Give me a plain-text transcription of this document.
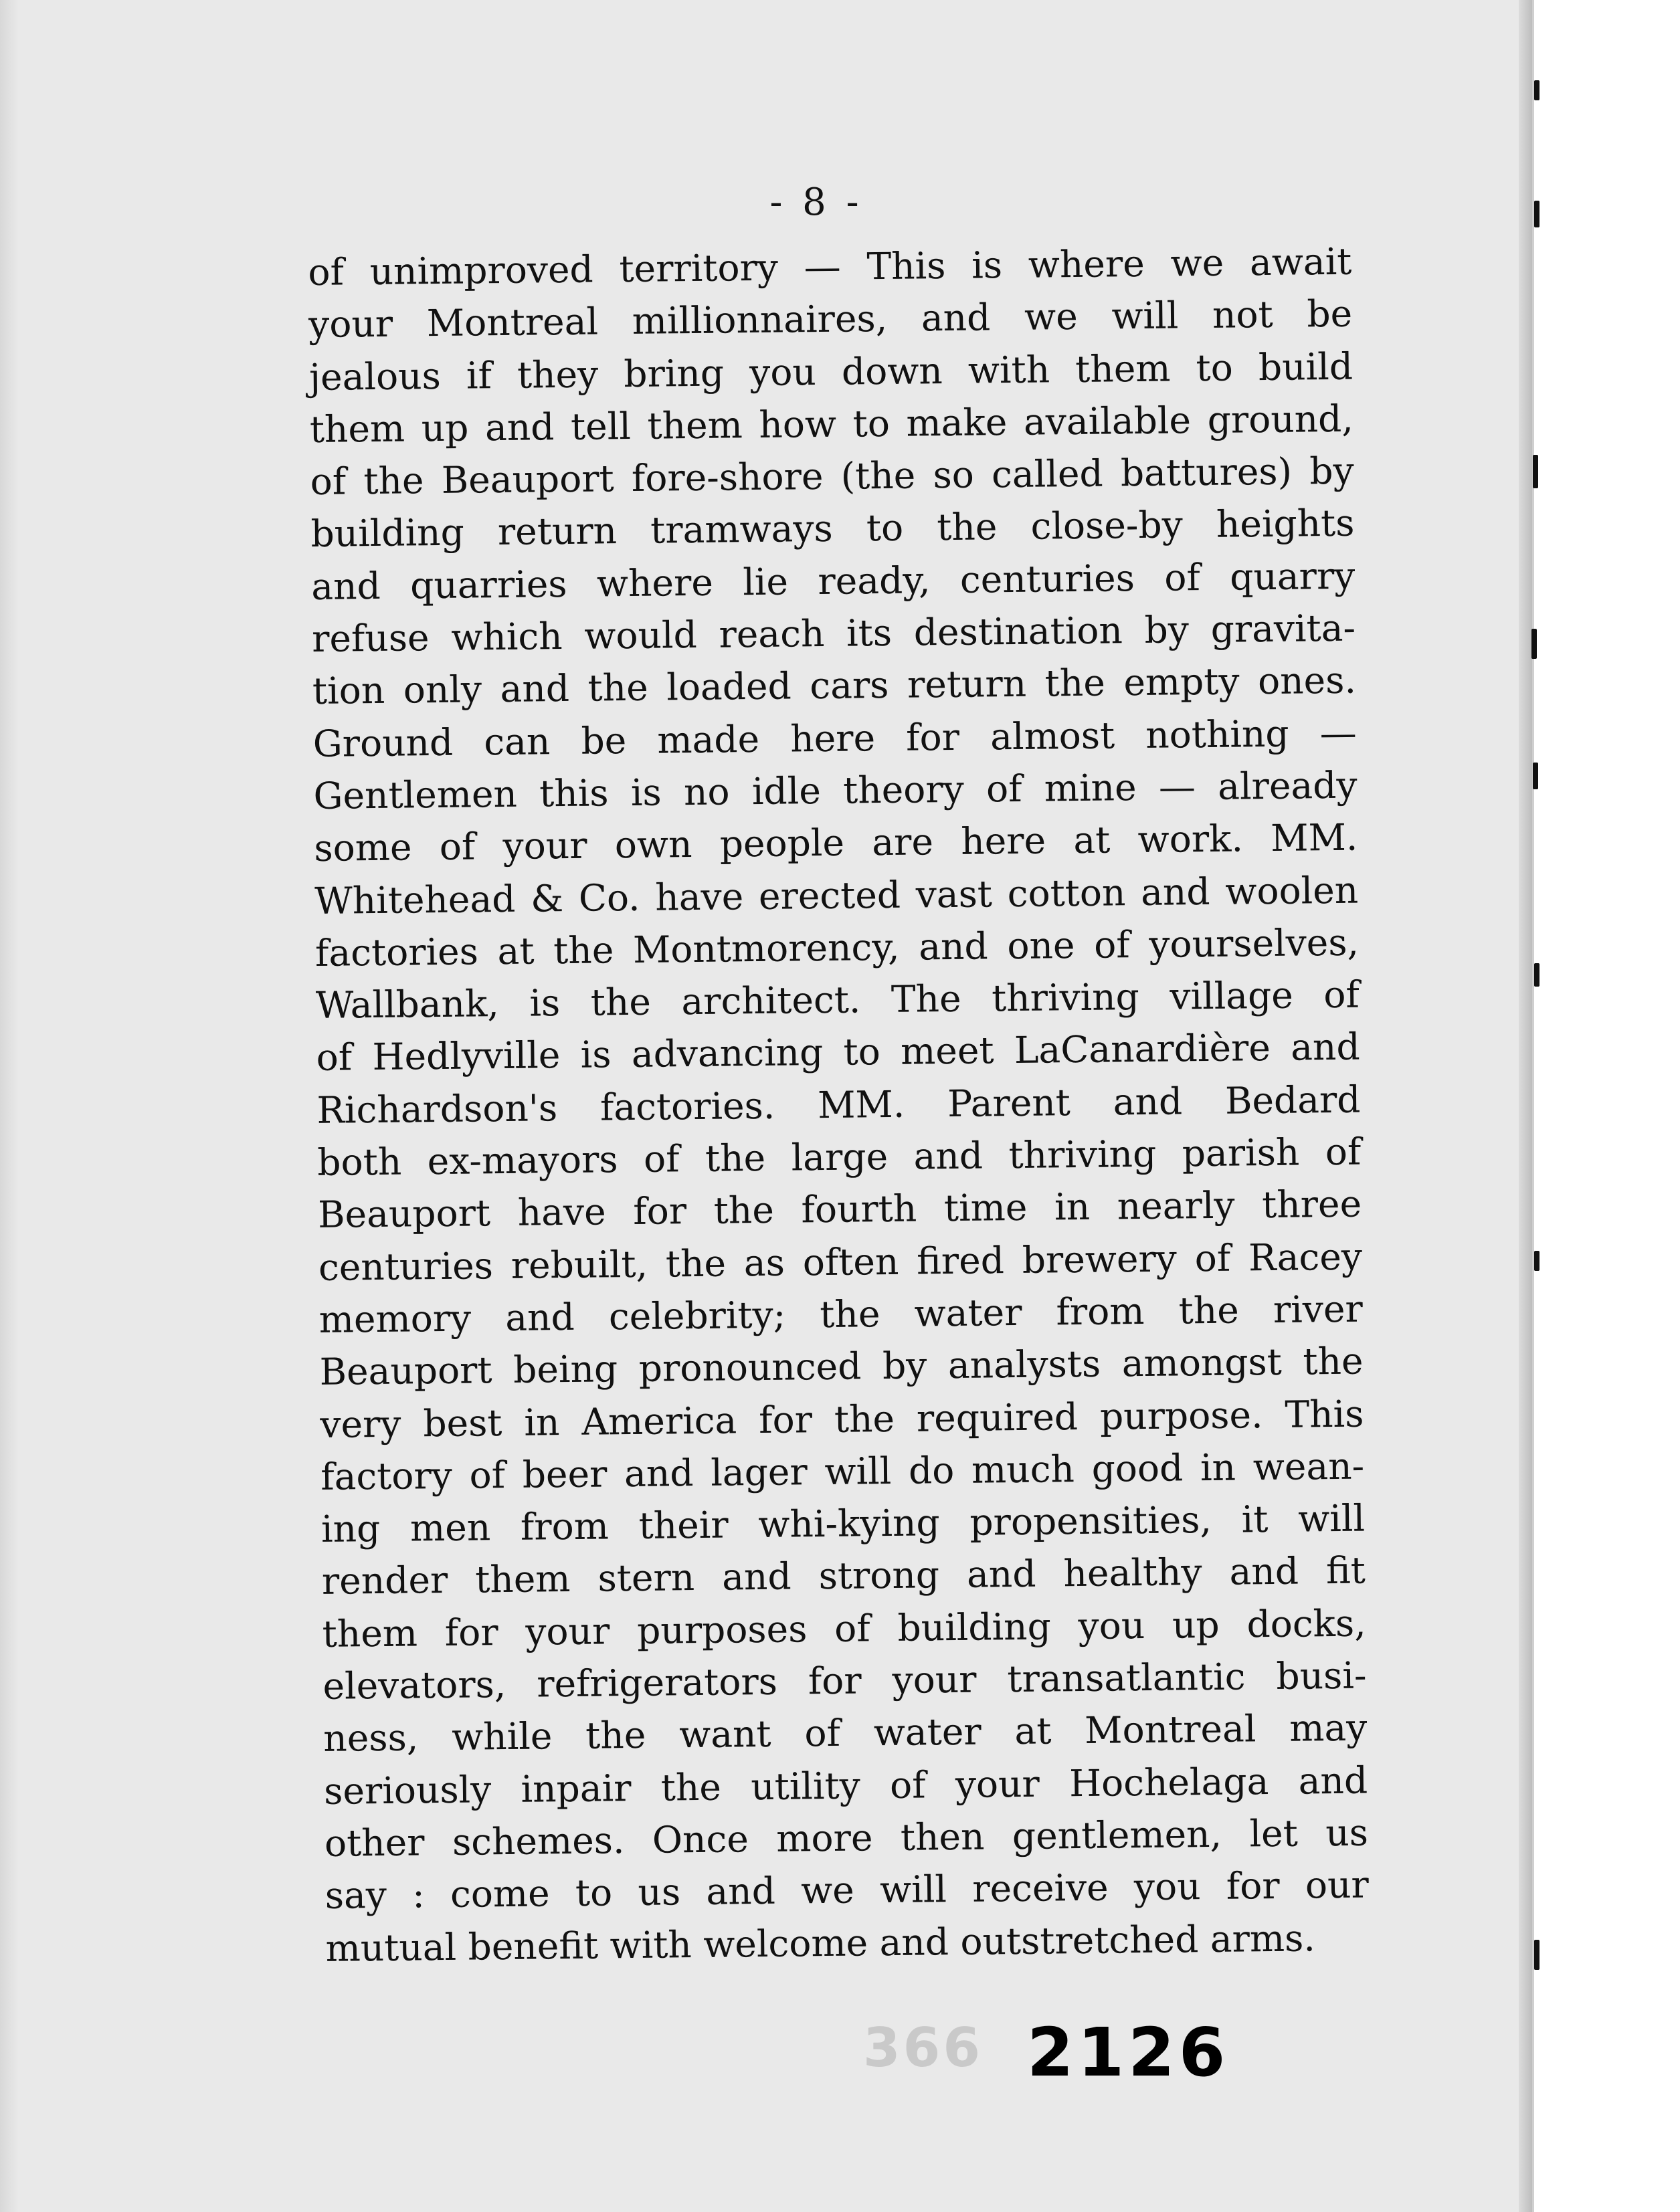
- 8 -
of unimproved territory — This is where we await
your Montreal millionnaires, and we will not be
jealous if they bring you down with them to build
them up and tell them how to make available ground,
of the Beauport fore-shore (the so called battures) by
building return tramways to the close-by heights
and quarries where lie ready, centuries of quarry
refuse which would reach its destination by gravita-
tion only and the loaded cars return the empty ones.
Ground can be made here for almost nothing —
Gentlemen this is no idle theory of mine — already
some of your own people are here at work. MM.
Whitehead & Co. have erected vast cotton and woolen
factories at the Montmorency, and one of yourselves,
Wallbank, is the architect. The thriving village of
of Hedlyville is advancing to meet LaCanardière and
Richardson's factories. MM. Parent and Bedard
both ex-mayors of the large and thriving parish of
Beauport have for the fourth time in nearly three
centuries rebuilt, the as often fired brewery of Racey
memory and celebrity; the water from the river
Beauport being pronounced by analysts amongst the
very best in America for the required purpose. This
factory of beer and lager will do much good in wean-
ing men from their whi-kying propensities, it will
render them stern and strong and healthy and fit
them for your purposes of building you up docks,
elevators, refrigerators for your transatlantic busi-
ness, while the want of water at Montreal may
seriously inpair the utility of your Hochelaga and
other schemes. Once more then gentlemen, let us
say : come to us and we will receive you for our
mutual benefit with welcome and outstretched arms.
366 2126
